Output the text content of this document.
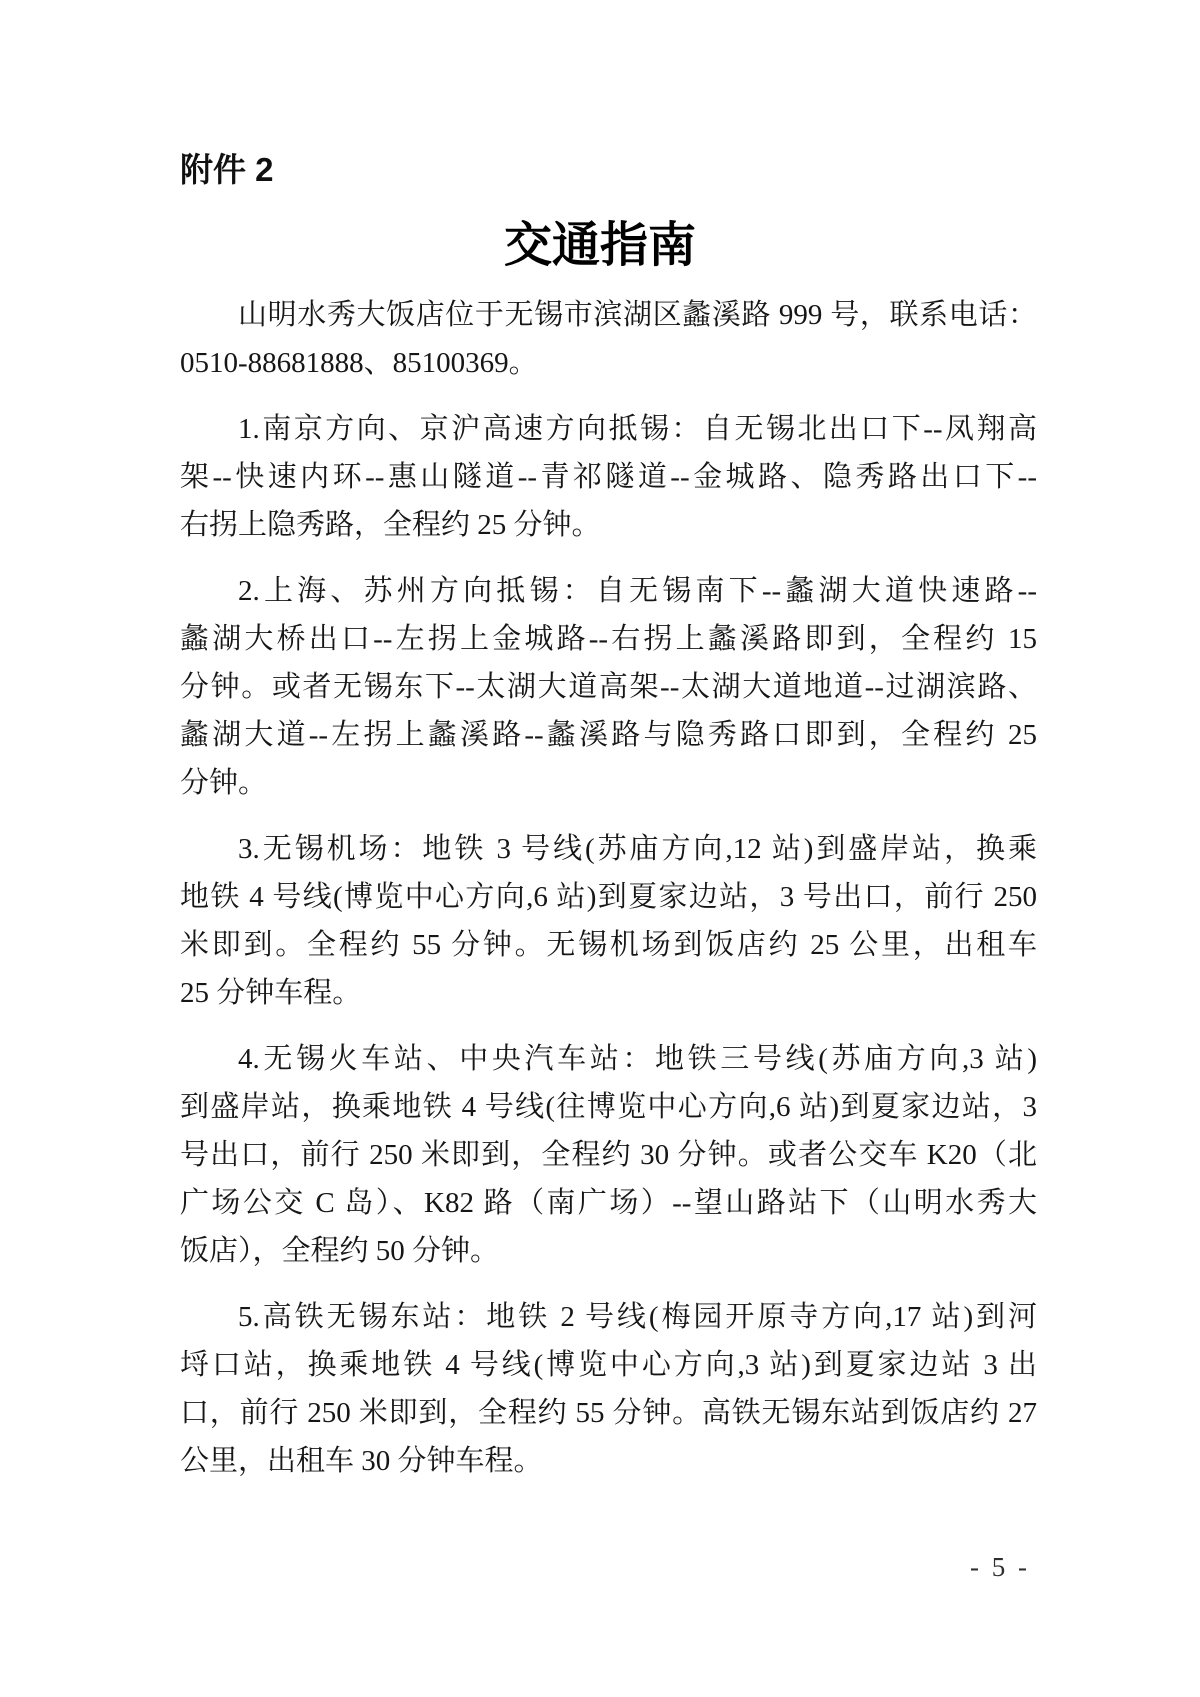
附件 2
交通指南
山明水秀大饭店位于无锡市滨湖区蠡溪路 999 号，联系电话：
0510-88681888、85100369。
1.南京方向、京沪高速方向抵锡：自无锡北出口下--凤翔高
架--快速内环--惠山隧道--青祁隧道--金城路、隐秀路出口下--
右拐上隐秀路，全程约 25 分钟。
2.上海、苏州方向抵锡：自无锡南下--蠡湖大道快速路--
蠡湖大桥出口--左拐上金城路--右拐上蠡溪路即到，全程约 15
分钟。或者无锡东下--太湖大道高架--太湖大道地道--过湖滨路、
蠡湖大道--左拐上蠡溪路--蠡溪路与隐秀路口即到，全程约 25
分钟。
3.无锡机场：地铁 3 号线(苏庙方向,12 站)到盛岸站，换乘
地铁 4 号线(博览中心方向,6 站)到夏家边站，3 号出口，前行 250
米即到。全程约 55 分钟。无锡机场到饭店约 25 公里，出租车
25 分钟车程。
4.无锡火车站、中央汽车站：地铁三号线(苏庙方向,3 站)
到盛岸站，换乘地铁 4 号线(往博览中心方向,6 站)到夏家边站，3
号出口，前行 250 米即到，全程约 30 分钟。或者公交车 K20（北
广场公交 C 岛）、K82 路（南广场）--望山路站下（山明水秀大
饭店），全程约 50 分钟。
5.高铁无锡东站：地铁 2 号线(梅园开原寺方向,17 站)到河
埒口站，换乘地铁 4 号线(博览中心方向,3 站)到夏家边站 3 出
口，前行 250 米即到，全程约 55 分钟。高铁无锡东站到饭店约 27
公里，出租车 30 分钟车程。
- 5 -
